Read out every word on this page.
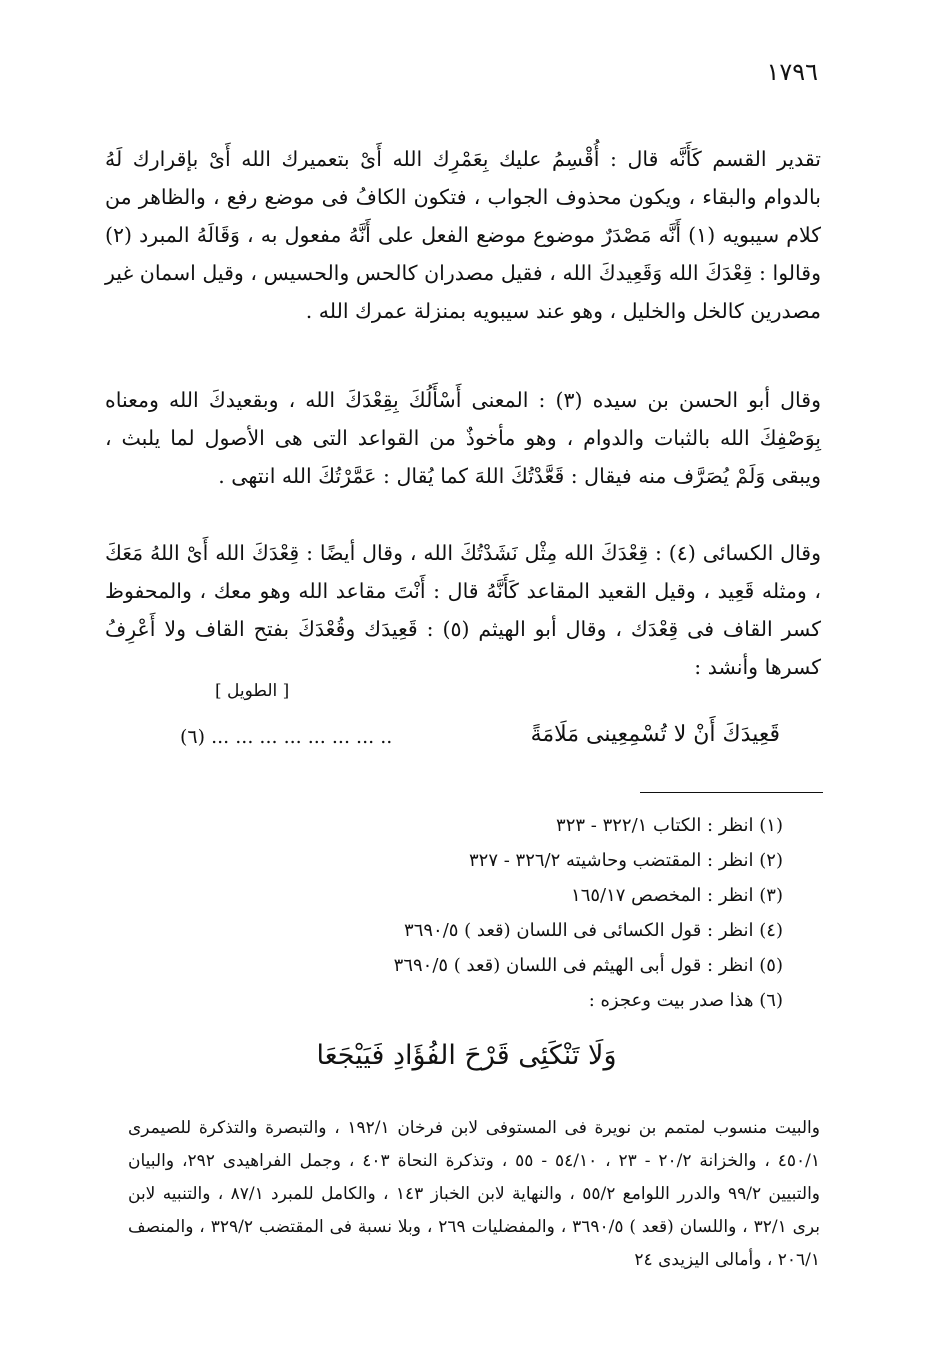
١٧٩٦

تقدير القسم كَأَنَّه قال : أُقْسِمُ عليك بِعَمْرِك الله أَىْ بتعميرك الله أَىْ بإقرارك لَهُ بالدوام والبقاء ، ويكون محذوف الجواب ، فتكون الكافُ فى موضع رفع ، والظاهر من كلام سيبويه (١) أَنَّه مَصْدَرٌ موضوع موضع الفعل على أَنَّهُ مفعول به ، وَقَالَهُ المبرد (٢) وقالوا : قِعْدَكَ الله وَقَعِيدكَ الله ، فقيل مصدران كالحس والحسيس ، وقيل اسمان غير مصدرين كالخل والخليل ، وهو عند سيبويه بمنزلة عمرك الله .

وقال أبو الحسن بن سيده (٣) : المعنى أَسْأَلُكَ بِقِعْدَكَ الله ، وبقعيدكَ الله ومعناه بِوَصْفِكَ الله بالثبات والدوام ، وهو مأخوذٌ من القواعد التى هى الأصول لما يلبث ، ويبقى وَلَمْ يُصَرَّف منه فيقال : قَعَّدْتُكَ اللهَ كما يُقال : عَمَّرْتُكَ الله انتهى .

وقال الكسائى (٤) : قِعْدَكَ الله مِثْل نَشَدْتُكَ الله ، وقال أيضًا : قِعْدَكَ الله أَىْ اللهُ مَعَكَ ، ومثله قَعِيد ، وقيل القعيد المقاعد كَأَنَّهُ قال : أَنْتَ مقاعد الله وهو معك ، والمحفوظ كسر القاف فى قِعْدَك ، وقال أبو الهيثم (٥) : قَعِيدَك وقُعْدَكَ بفتح القاف ولا أَعْرِفُ كسرها وأنشد :

[ الطويل ]
قَعِيدَكَ أَنْ لا تُسْمِعِينى مَلَامَةً
.. ... ... ... ... ... ... ... (٦)
(١) انظر : الكتاب ٣٢٢/١ - ٣٢٣
(٢) انظر : المقتضب وحاشيته ٣٢٦/٢ - ٣٢٧
(٣) انظر : المخصص ١٦٥/١٧
(٤) انظر : قول الكسائى فى اللسان (قعد ) ٣٦٩٠/٥
(٥) انظر : قول أبى الهيثم فى اللسان (قعد ) ٣٦٩٠/٥
(٦) هذا صدر بيت وعجزه :
وَلَا تَنْكَئِى قَرْحَ الفُؤَادِ فَيَيْجَعَا

والبيت منسوب لمتمم بن نويرة فى المستوفى لابن فرخان ١٩٢/١ ، والتبصرة والتذكرة للصيمرى ٤٥٠/١ ، والخزانة ٢٠/٢ - ٢٣ ، ٥٤/١٠ - ٥٥ ، وتذكرة النحاة ٤٠٣ ، وجمل الفراهيدى ٢٩٢، والبيان والتبيين ٩٩/٢ والدرر اللوامع ٥٥/٢ ، والنهاية لابن الخباز ١٤٣ ، والكامل للمبرد ٨٧/١ ، والتنبيه لابن برى ٣٢/١ ، واللسان (قعد ) ٣٦٩٠/٥ ، والمفضليات ٢٦٩ ، وبلا نسبة فى المقتضب ٣٢٩/٢ ، والمنصف ٢٠٦/١ ، وأمالى اليزيدى ٢٤
